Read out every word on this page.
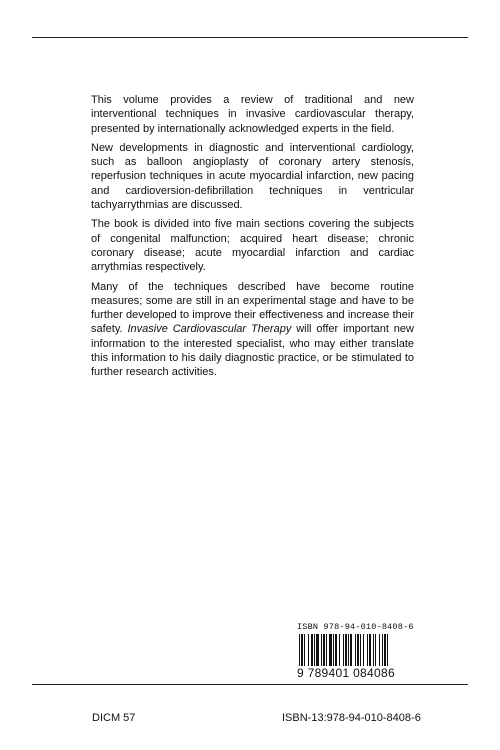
This volume provides a review of traditional and new interventional techniques in invasive cardiovascular therapy, presented by internationally acknowledged experts in the field.

New developments in diagnostic and interventional cardiology, such as balloon angioplasty of coronary artery stenosis, reperfusion techniques in acute myocardial infarction, new pacing and cardioversion-defibrillation techniques in ventricular tachyarrythmias are discussed.

The book is divided into five main sections covering the subjects of congenital malfunction; acquired heart disease; chronic coronary disease; acute myocardial infarction and cardiac arrythmias respectively.

Many of the techniques described have become routine measures; some are still in an experimental stage and have to be further developed to improve their effectiveness and increase their safety. Invasive Cardiovascular Therapy will offer important new information to the interested specialist, who may either translate this information to his daily diagnostic practice, or be stimulated to further research activities.

ISBN 978-94-010-8408-6
9 789401 084086
DICM 57	ISBN-13:978-94-010-8408-6
